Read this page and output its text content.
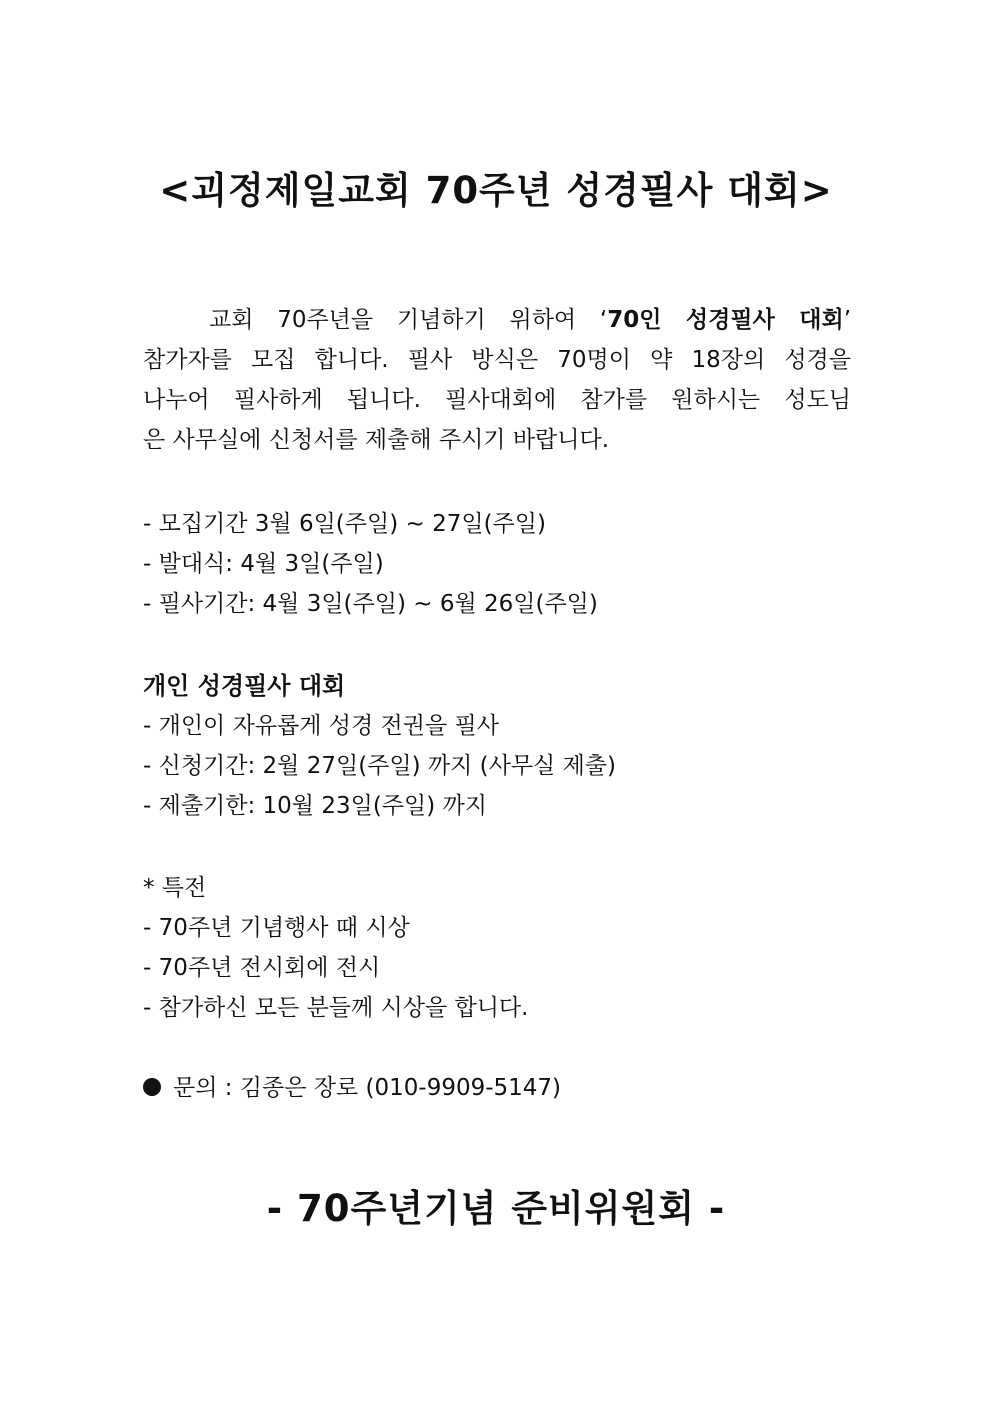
<괴정제일교회 70주년 성경필사 대회>
교회 70주년을 기념하기 위하여 ‘70인 성경필사 대회’
참가자를 모집 합니다. 필사 방식은 70명이 약 18장의 성경을
나누어 필사하게 됩니다. 필사대회에 참가를 원하시는 성도님
은 사무실에 신청서를 제출해 주시기 바랍니다.
- 모집기간 3월 6일(주일) ~ 27일(주일)
- 발대식: 4월 3일(주일)
- 필사기간: 4월 3일(주일) ~ 6월 26일(주일)
개인 성경필사 대회
- 개인이 자유롭게 성경 전권을 필사
- 신청기간: 2월 27일(주일) 까지 (사무실 제출)
- 제출기한: 10월 23일(주일) 까지
* 특전
- 70주년 기념행사 때 시상
- 70주년 전시회에 전시
- 참가하신 모든 분들께 시상을 합니다.
문의 : 김종은 장로 (010-9909-5147)
- 70주년기념 준비위원회 -
